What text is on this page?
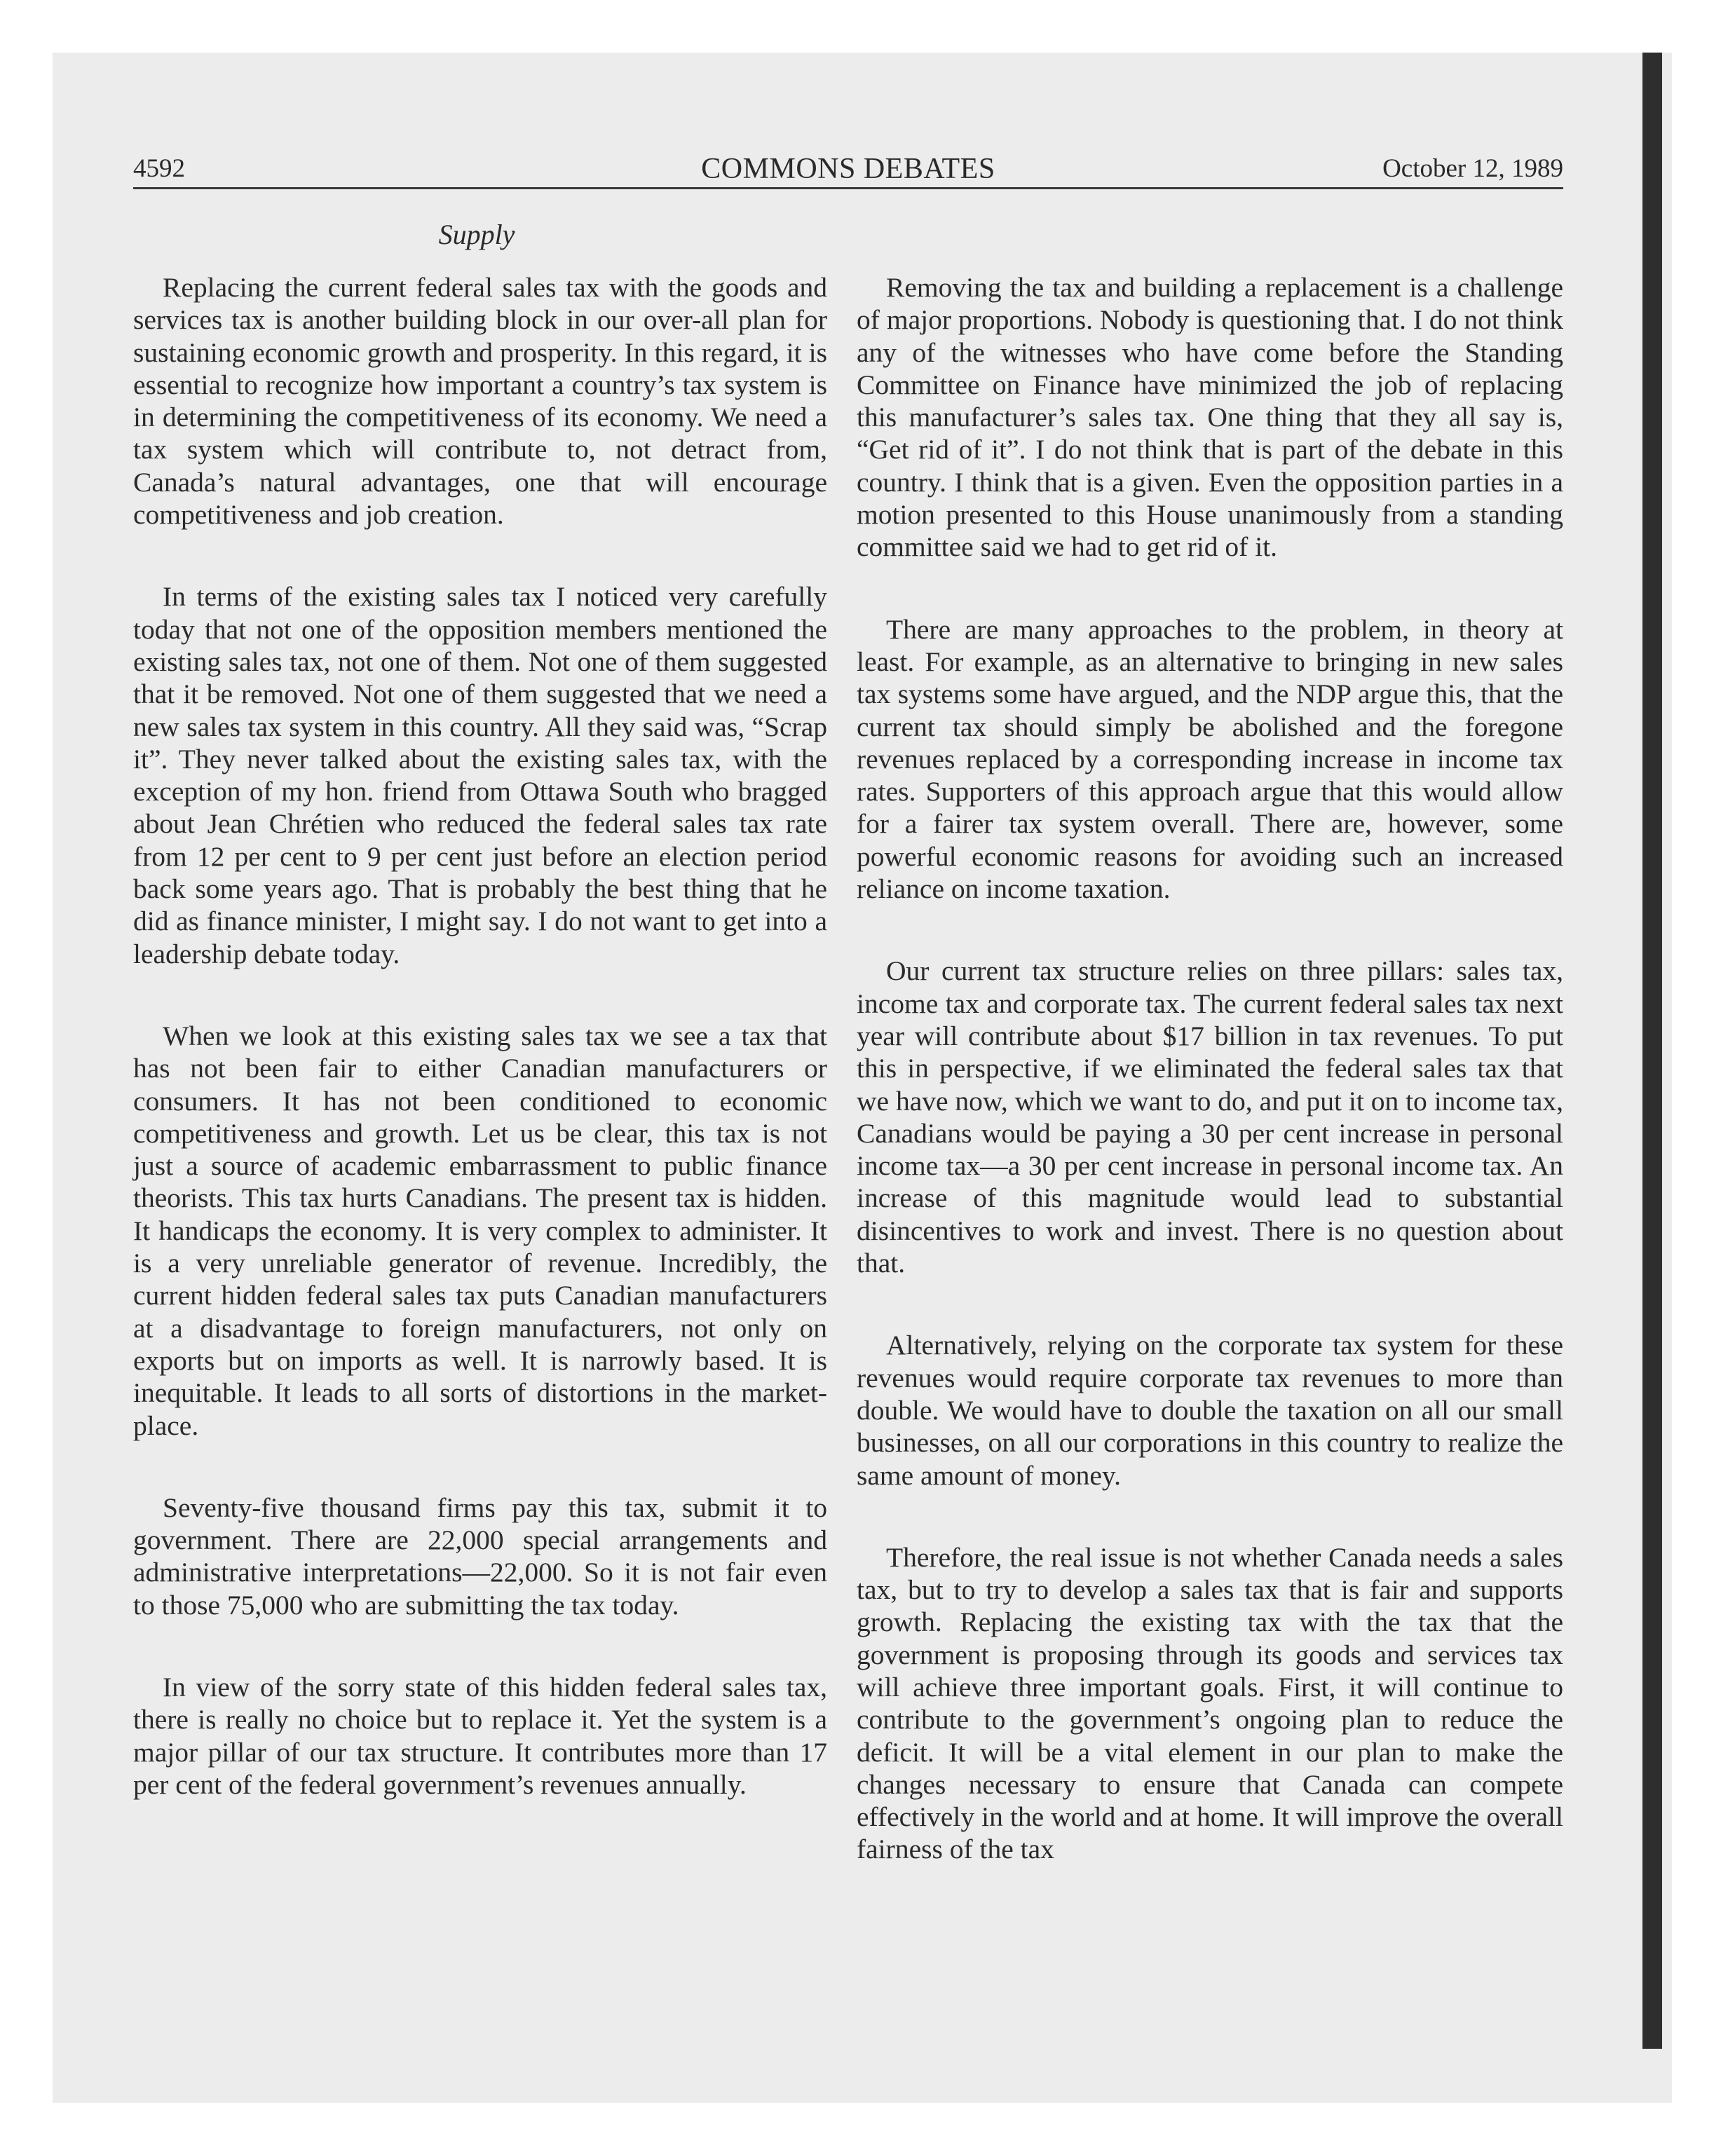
4592	COMMONS DEBATES	October 12, 1989
Supply

Replacing the current federal sales tax with the goods and services tax is another building block in our over-all plan for sustaining economic growth and prosperity. In this regard, it is essential to recognize how important a country’s tax system is in determining the competitiveness of its economy. We need a tax system which will contribute to, not detract from, Canada’s natural advantages, one that will encourage competitiveness and job creation.

In terms of the existing sales tax I noticed very carefully today that not one of the opposition members mentioned the existing sales tax, not one of them. Not one of them suggested that it be removed. Not one of them suggested that we need a new sales tax system in this country. All they said was, “Scrap it”. They never talked about the existing sales tax, with the exception of my hon. friend from Ottawa South who bragged about Jean Chrétien who reduced the federal sales tax rate from 12 per cent to 9 per cent just before an election period back some years ago. That is probably the best thing that he did as finance minister, I might say. I do not want to get into a leadership debate today.

When we look at this existing sales tax we see a tax that has not been fair to either Canadian manufacturers or consumers. It has not been conditioned to economic competitiveness and growth. Let us be clear, this tax is not just a source of academic embarrassment to public finance theorists. This tax hurts Canadians. The present tax is hidden. It handicaps the economy. It is very complex to administer. It is a very unreliable generator of revenue. Incredibly, the current hidden federal sales tax puts Canadian manufacturers at a disadvantage to foreign manufacturers, not only on exports but on imports as well. It is narrowly based. It is inequitable. It leads to all sorts of distortions in the market-place.

Seventy-five thousand firms pay this tax, submit it to government. There are 22,000 special arrangements and administrative interpretations—22,000. So it is not fair even to those 75,000 who are submitting the tax today.

In view of the sorry state of this hidden federal sales tax, there is really no choice but to replace it. Yet the system is a major pillar of our tax structure. It contributes more than 17 per cent of the federal government’s revenues annually.

Removing the tax and building a replacement is a challenge of major proportions. Nobody is questioning that. I do not think any of the witnesses who have come before the Standing Committee on Finance have minimized the job of replacing this manufacturer’s sales tax. One thing that they all say is, “Get rid of it”. I do not think that is part of the debate in this country. I think that is a given. Even the opposition parties in a motion presented to this House unanimously from a standing committee said we had to get rid of it.

There are many approaches to the problem, in theory at least. For example, as an alternative to bringing in new sales tax systems some have argued, and the NDP argue this, that the current tax should simply be abolished and the foregone revenues replaced by a corresponding increase in income tax rates. Supporters of this approach argue that this would allow for a fairer tax system overall. There are, however, some powerful economic reasons for avoiding such an increased reliance on income taxation.

Our current tax structure relies on three pillars: sales tax, income tax and corporate tax. The current federal sales tax next year will contribute about $17 billion in tax revenues. To put this in perspective, if we eliminated the federal sales tax that we have now, which we want to do, and put it on to income tax, Canadians would be paying a 30 per cent increase in personal income tax—a 30 per cent increase in personal income tax. An increase of this magnitude would lead to substantial disincentives to work and invest. There is no question about that.

Alternatively, relying on the corporate tax system for these revenues would require corporate tax revenues to more than double. We would have to double the taxation on all our small businesses, on all our corporations in this country to realize the same amount of money.

Therefore, the real issue is not whether Canada needs a sales tax, but to try to develop a sales tax that is fair and supports growth. Replacing the existing tax with the tax that the government is proposing through its goods and services tax will achieve three important goals. First, it will continue to contribute to the government’s ongoing plan to reduce the deficit. It will be a vital element in our plan to make the changes necessary to ensure that Canada can compete effectively in the world and at home. It will improve the overall fairness of the tax
